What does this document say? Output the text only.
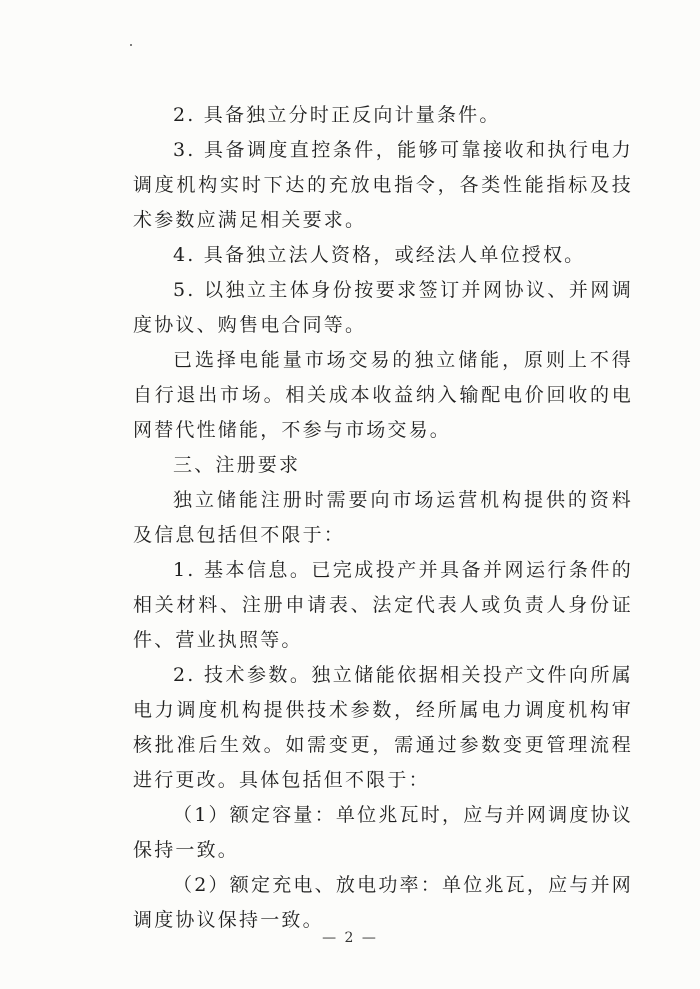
2. 具备独立分时正反向计量条件。

3. 具备调度直控条件，能够可靠接收和执行电力调度机构实时下达的充放电指令，各类性能指标及技术参数应满足相关要求。

4. 具备独立法人资格，或经法人单位授权。

5. 以独立主体身份按要求签订并网协议、并网调度协议、购售电合同等。

已选择电能量市场交易的独立储能，原则上不得自行退出市场。相关成本收益纳入输配电价回收的电网替代性储能，不参与市场交易。

三、注册要求

独立储能注册时需要向市场运营机构提供的资料及信息包括但不限于：

1. 基本信息。已完成投产并具备并网运行条件的相关材料、注册申请表、法定代表人或负责人身份证件、营业执照等。

2. 技术参数。独立储能依据相关投产文件向所属电力调度机构提供技术参数，经所属电力调度机构审核批准后生效。如需变更，需通过参数变更管理流程进行更改。具体包括但不限于：

（1）额定容量：单位兆瓦时，应与并网调度协议保持一致。

（2）额定充电、放电功率：单位兆瓦，应与并网调度协议保持一致。

— 2 —
